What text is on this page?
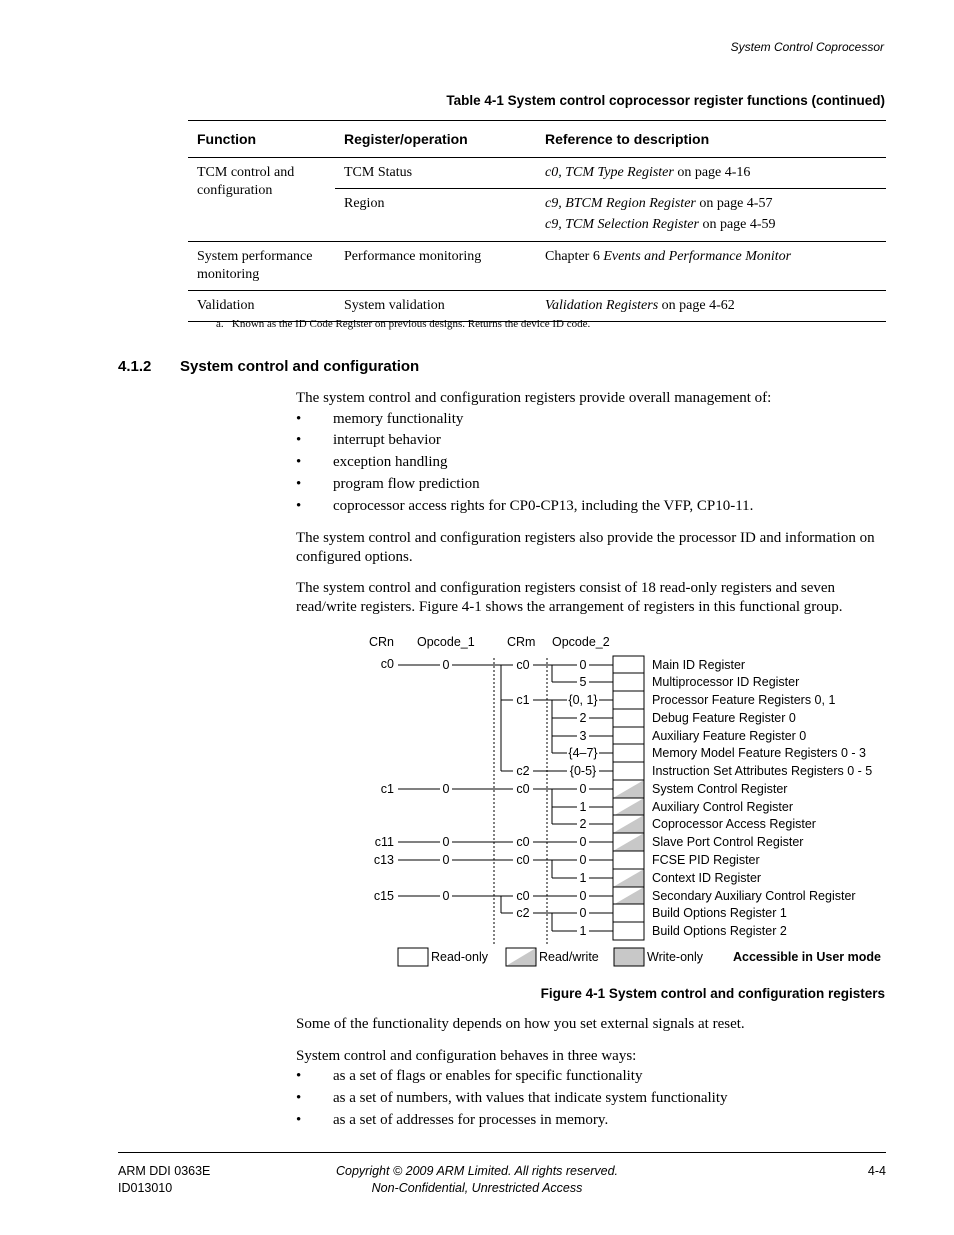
System Control Coprocessor
Table 4-1 System control coprocessor register functions (continued)
Function	Register/operation	Reference to description
TCM control and configuration	TCM Status	c0, TCM Type Register on page 4-16
	Region	c9, BTCM Region Register on page 4-57
c9, TCM Selection Register on page 4-59
System performance monitoring	Performance monitoring	Chapter 6 Events and Performance Monitor
Validation	System validation	Validation Registers on page 4-62
a.   Known as the ID Code Register on previous designs. Returns the device ID code.
4.1.2 System control and configuration
The system control and configuration registers provide overall management of:
• memory functionality
• interrupt behavior
• exception handling
• program flow prediction
• coprocessor access rights for CP0-CP13, including the VFP, CP10-11.
The system control and configuration registers also provide the processor ID and information on configured options.
The system control and configuration registers consist of 18 read-only registers and seven read/write registers. Figure 4-1 shows the arrangement of registers in this functional group.
CRn Opcode_1	CRm Opcode_2
c0
c1
c11
c13
c15
0
0
0
0
0
c0
c1
c2
c0
c0
c0
c0
c2
0	Main ID Register
5	Multiprocessor ID Register
{0, 1}	Processor Feature Registers 0, 1
2	Debug Feature Register 0
3	Auxiliary Feature Register 0
{4–7}	Memory Model Feature Registers 0 - 3
{0-5}	Instruction Set Attributes Registers 0 - 5
0	System Control Register
1	Auxiliary Control Register
2	Coprocessor Access Register
0	Slave Port Control Register
0	FCSE PID Register
1	Context ID Register
0	Secondary Auxiliary Control Register
0	Build Options Register 1
1	Build Options Register 2
Read-only	Read/write	Write-only Accessible in User mode
Figure 4-1 System control and configuration registers
Some of the functionality depends on how you set external signals at reset.
System control and configuration behaves in three ways:
• as a set of flags or enables for specific functionality
• as a set of numbers, with values that indicate system functionality
• as a set of addresses for processes in memory.
ARM DDI 0363E
ID013010
Copyright © 2009 ARM Limited. All rights reserved.
Non-Confidential, Unrestricted Access
4-4
